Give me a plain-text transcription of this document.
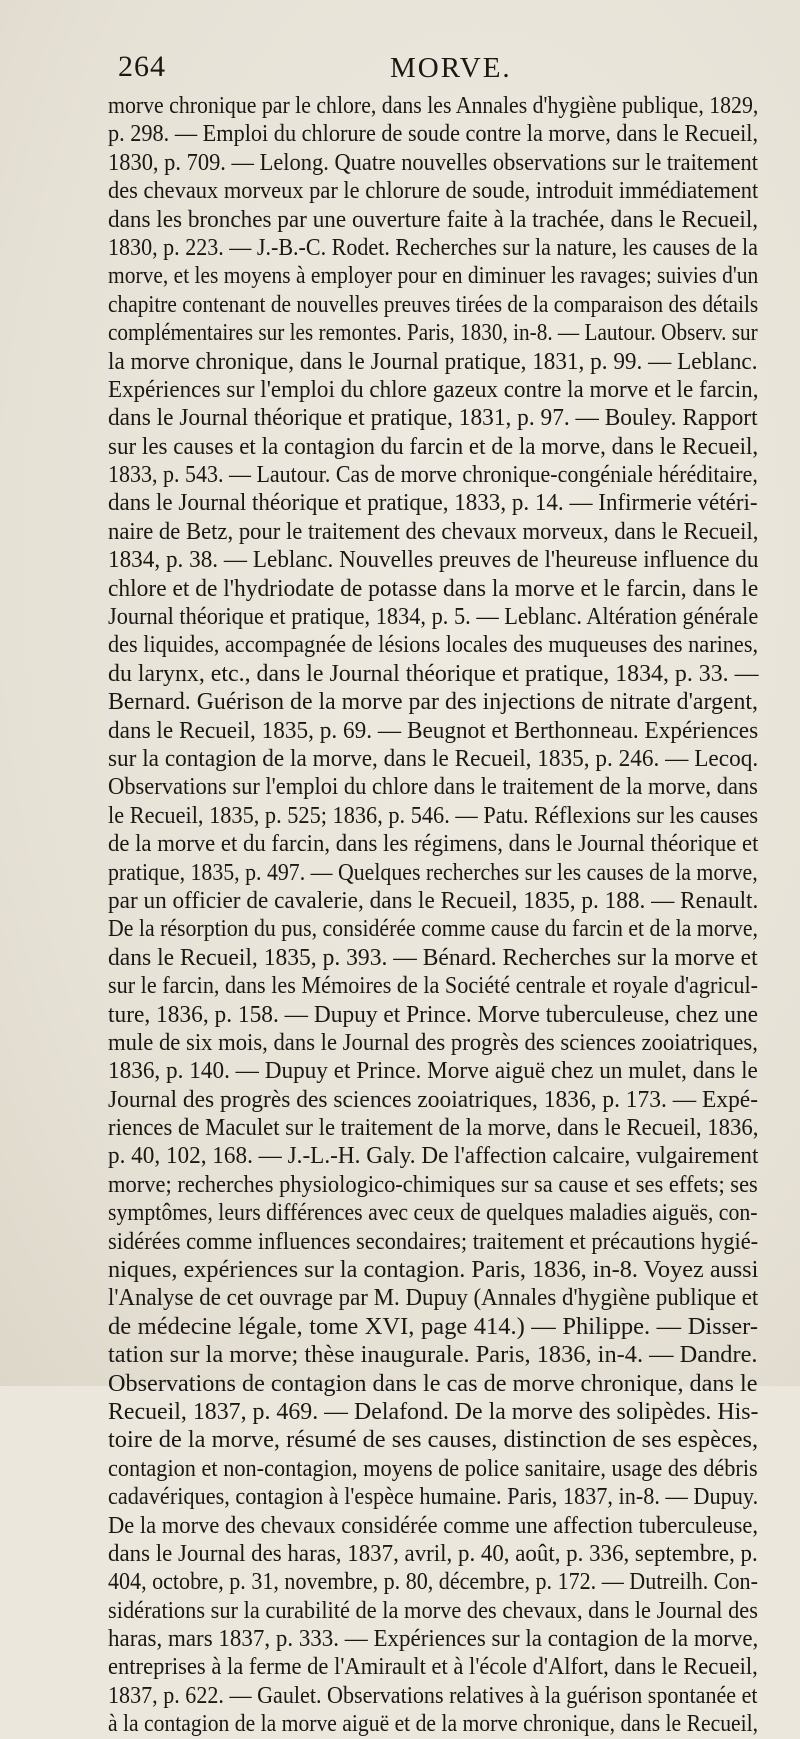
264	MORVE.
morve chronique par le chlore, dans les Annales d'hygiène publique, 1829,
p. 298. — Emploi du chlorure de soude contre la morve, dans le Recueil,
1830, p. 709. — Lelong. Quatre nouvelles observations sur le traitement
des chevaux morveux par le chlorure de soude, introduit immédiatement
dans les bronches par une ouverture faite à la trachée, dans le Recueil,
1830, p. 223. — J.-B.-C. Rodet. Recherches sur la nature, les causes de la
morve, et les moyens à employer pour en diminuer les ravages; suivies d'un
chapitre contenant de nouvelles preuves tirées de la comparaison des détails
complémentaires sur les remontes. Paris, 1830, in-8. — Lautour. Observ. sur
la morve chronique, dans le Journal pratique, 1831, p. 99. — Leblanc.
Expériences sur l'emploi du chlore gazeux contre la morve et le farcin,
dans le Journal théorique et pratique, 1831, p. 97. — Bouley. Rapport
sur les causes et la contagion du farcin et de la morve, dans le Recueil,
1833, p. 543. — Lautour. Cas de morve chronique-congéniale héréditaire,
dans le Journal théorique et pratique, 1833, p. 14. — Infirmerie vétéri-
naire de Betz, pour le traitement des chevaux morveux, dans le Recueil,
1834, p. 38. — Leblanc. Nouvelles preuves de l'heureuse influence du
chlore et de l'hydriodate de potasse dans la morve et le farcin, dans le
Journal théorique et pratique, 1834, p. 5. — Leblanc. Altération générale
des liquides, accompagnée de lésions locales des muqueuses des narines,
du larynx, etc., dans le Journal théorique et pratique, 1834, p. 33. —
Bernard. Guérison de la morve par des injections de nitrate d'argent,
dans le Recueil, 1835, p. 69. — Beugnot et Berthonneau. Expériences
sur la contagion de la morve, dans le Recueil, 1835, p. 246. — Lecoq.
Observations sur l'emploi du chlore dans le traitement de la morve, dans
le Recueil, 1835, p. 525; 1836, p. 546. — Patu. Réflexions sur les causes
de la morve et du farcin, dans les régimens, dans le Journal théorique et
pratique, 1835, p. 497. — Quelques recherches sur les causes de la morve,
par un officier de cavalerie, dans le Recueil, 1835, p. 188. — Renault.
De la résorption du pus, considérée comme cause du farcin et de la morve,
dans le Recueil, 1835, p. 393. — Bénard. Recherches sur la morve et
sur le farcin, dans les Mémoires de la Société centrale et royale d'agricul-
ture, 1836, p. 158. — Dupuy et Prince. Morve tuberculeuse, chez une
mule de six mois, dans le Journal des progrès des sciences zooiatriques,
1836, p. 140. — Dupuy et Prince. Morve aiguë chez un mulet, dans le
Journal des progrès des sciences zooiatriques, 1836, p. 173. — Expé-
riences de Maculet sur le traitement de la morve, dans le Recueil, 1836,
p. 40, 102, 168. — J.-L.-H. Galy. De l'affection calcaire, vulgairement
morve; recherches physiologico-chimiques sur sa cause et ses effets; ses
symptômes, leurs différences avec ceux de quelques maladies aiguës, con-
sidérées comme influences secondaires; traitement et précautions hygié-
niques, expériences sur la contagion. Paris, 1836, in-8. Voyez aussi
l'Analyse de cet ouvrage par M. Dupuy (Annales d'hygiène publique et
de médecine légale, tome XVI, page 414.) — Philippe. — Disser-
tation sur la morve; thèse inaugurale. Paris, 1836, in-4. — Dandre.
Observations de contagion dans le cas de morve chronique, dans le
Recueil, 1837, p. 469. — Delafond. De la morve des solipèdes. His-
toire de la morve, résumé de ses causes, distinction de ses espèces,
contagion et non-contagion, moyens de police sanitaire, usage des débris
cadavériques, contagion à l'espèce humaine. Paris, 1837, in-8. — Dupuy.
De la morve des chevaux considérée comme une affection tuberculeuse,
dans le Journal des haras, 1837, avril, p. 40, août, p. 336, septembre, p.
404, octobre, p. 31, novembre, p. 80, décembre, p. 172. — Dutreilh. Con-
sidérations sur la curabilité de la morve des chevaux, dans le Journal des
haras, mars 1837, p. 333. — Expériences sur la contagion de la morve,
entreprises à la ferme de l'Amirault et à l'école d'Alfort, dans le Recueil,
1837, p. 622. — Gaulet. Observations relatives à la guérison spontanée et
à la contagion de la morve aiguë et de la morve chronique, dans le Recueil,
